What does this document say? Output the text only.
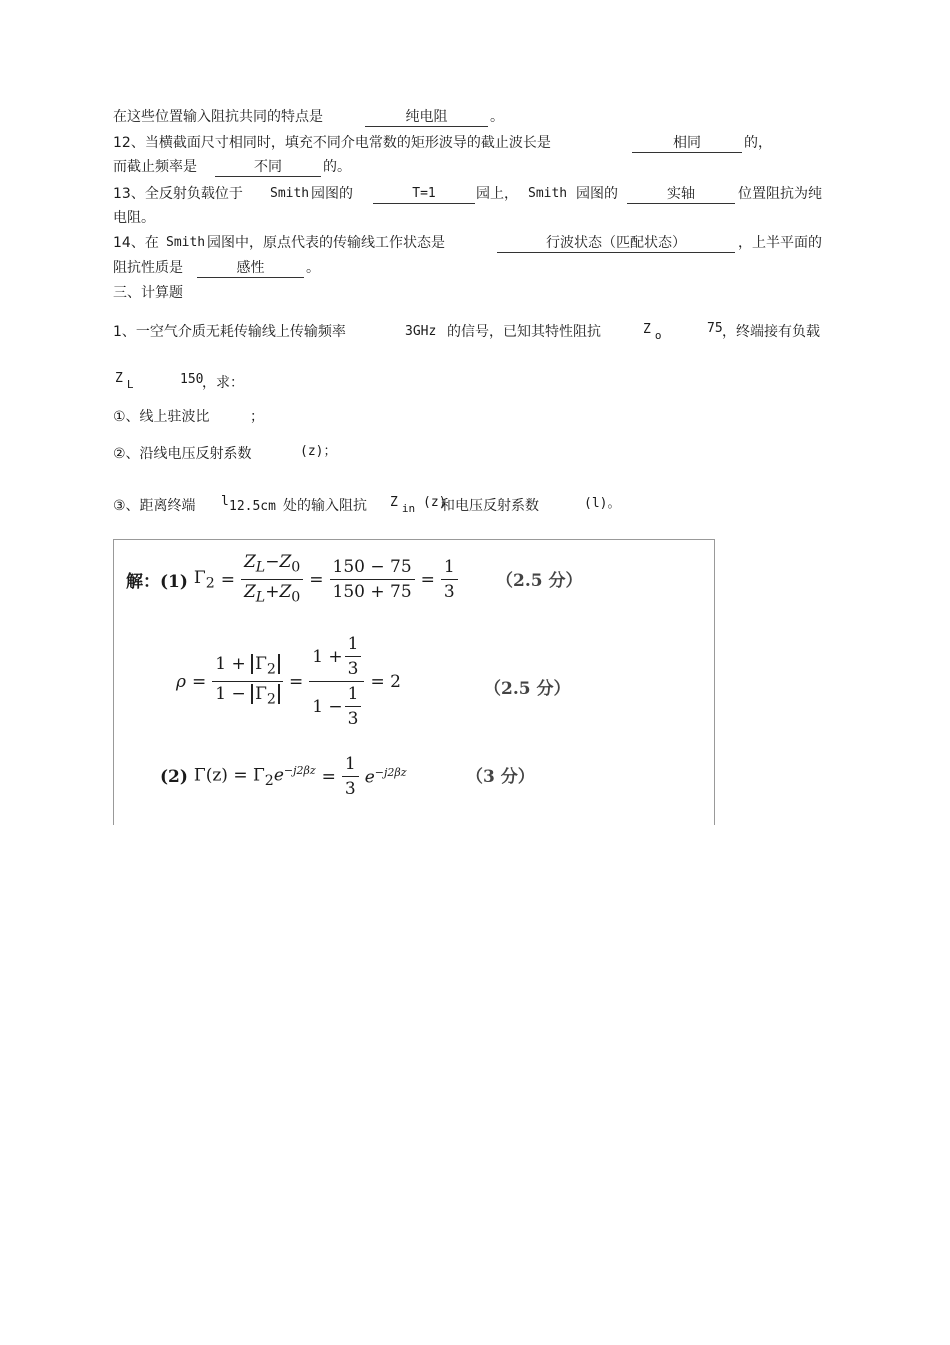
在这些位置输入阻抗共同的特点是	纯电阻	。
12、当横截面尺寸相同时，填充不同介电常数的矩形波导的截止波长是	相同	的，
而截止频率是	不同	的。
13、全反射负载位于 Smith 园图的	T=1	园上， Smith 园图的	实轴	位置阻抗为纯
电阻。
14、在 Smith 园图中，原点代表的传输线工作状态是	行波状态（匹配状态）	，上半平面的
阻抗性质是	感性	。
三、计算题
1、一空气介质无耗传输线上传输频率	3GHz 的信号，已知其特性阻抗	Z $_o$	75 ，终端接有负载
Z $_L$	150
，求：
①、线上驻波比	；
②、沿线电压反射系数	(z)；
③、距离终端 l 12.5cm 处的输入阻抗 Z $_{in}$ (z)
和电压反射系数	(l)。
解：(1) $\Gamma_2 = \frac{Z_L-Z_0}{Z_L+Z_0} = \frac{150 - 75}{150 + 75} = \frac{1}{3} (2.5$ 分）
$\rho = \frac{1 + \Gamma_2}{1 - \Gamma_2} = \frac{1 + \frac{1}{3}}{1 - \frac{1}{3}} = 2$	（2.5 分）
(2) $\Gamma(z) = \Gamma_2e^{-j2\beta z} = \frac{1}{3} e^{-j2\beta z}$	（3 分）
